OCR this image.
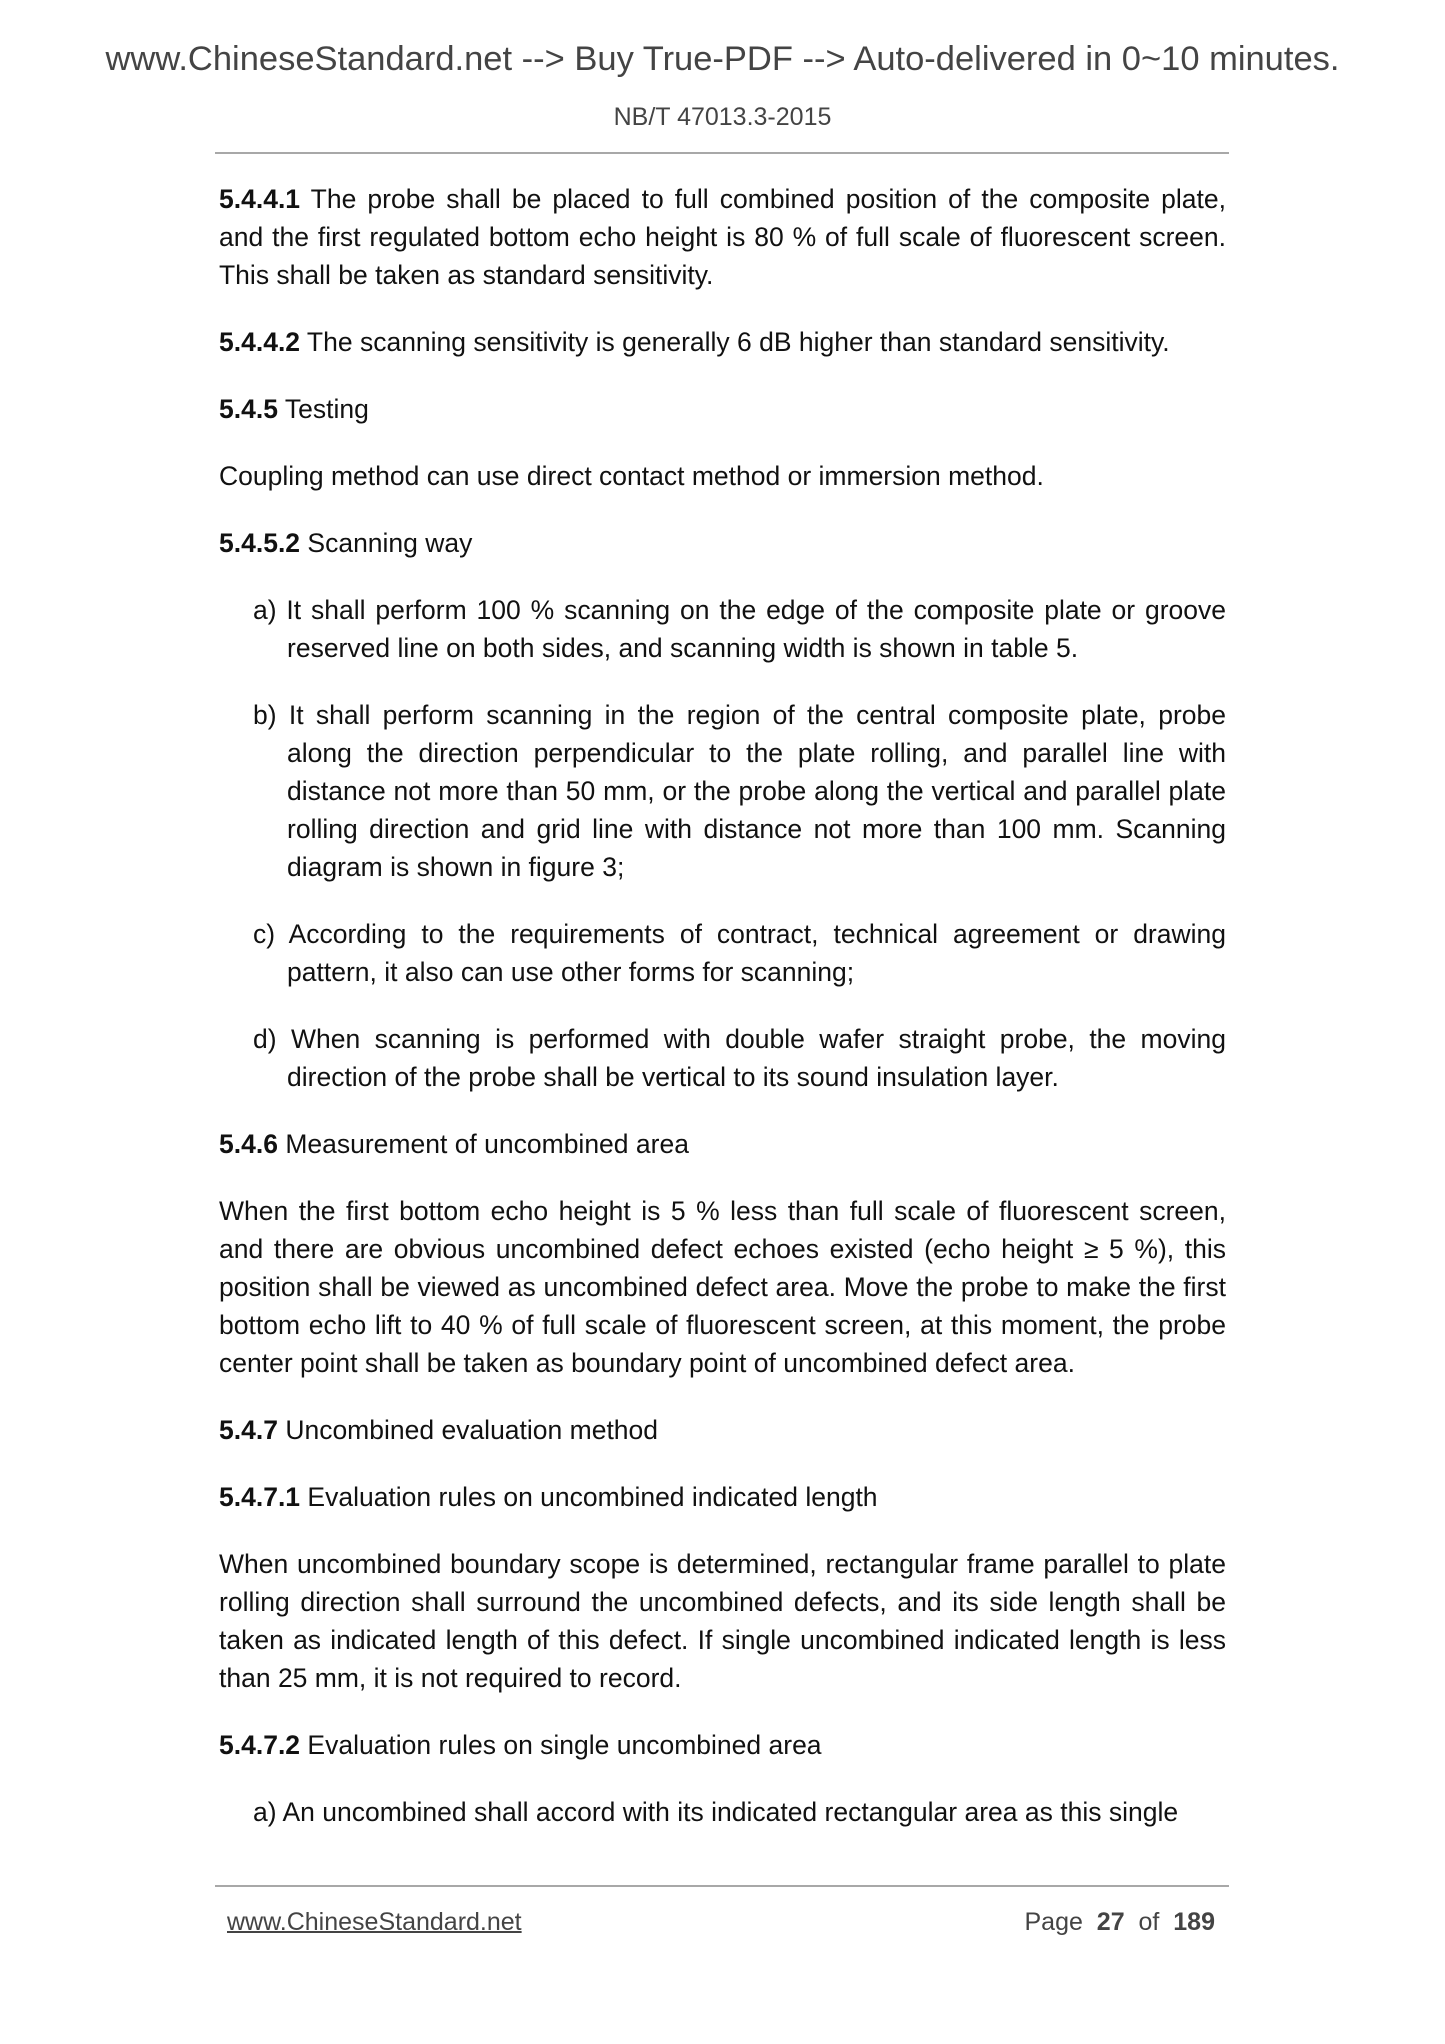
www.ChineseStandard.net --> Buy True-PDF --> Auto-delivered in 0~10 minutes.
NB/T 47013.3-2015

5.4.4.1 The probe shall be placed to full combined position of the composite plate, and the first regulated bottom echo height is 80 % of full scale of fluorescent screen. This shall be taken as standard sensitivity.

5.4.4.2 The scanning sensitivity is generally 6 dB higher than standard sensitivity.

5.4.5 Testing

Coupling method can use direct contact method or immersion method.

5.4.5.2 Scanning way

a) It shall perform 100 % scanning on the edge of the composite plate or groove reserved line on both sides, and scanning width is shown in table 5.

b) It shall perform scanning in the region of the central composite plate, probe along the direction perpendicular to the plate rolling, and parallel line with distance not more than 50 mm, or the probe along the vertical and parallel plate rolling direction and grid line with distance not more than 100 mm. Scanning diagram is shown in figure 3;

c) According to the requirements of contract, technical agreement or drawing pattern, it also can use other forms for scanning;

d) When scanning is performed with double wafer straight probe, the moving direction of the probe shall be vertical to its sound insulation layer.

5.4.6 Measurement of uncombined area

When the first bottom echo height is 5 % less than full scale of fluorescent screen, and there are obvious uncombined defect echoes existed (echo height ≥ 5 %), this position shall be viewed as uncombined defect area. Move the probe to make the first bottom echo lift to 40 % of full scale of fluorescent screen, at this moment, the probe center point shall be taken as boundary point of uncombined defect area.

5.4.7 Uncombined evaluation method

5.4.7.1 Evaluation rules on uncombined indicated length

When uncombined boundary scope is determined, rectangular frame parallel to plate rolling direction shall surround the uncombined defects, and its side length shall be taken as indicated length of this defect. If single uncombined indicated length is less than 25 mm, it is not required to record.

5.4.7.2 Evaluation rules on single uncombined area

a) An uncombined shall accord with its indicated rectangular area as this single

www.ChineseStandard.net	Page 27 of 189
